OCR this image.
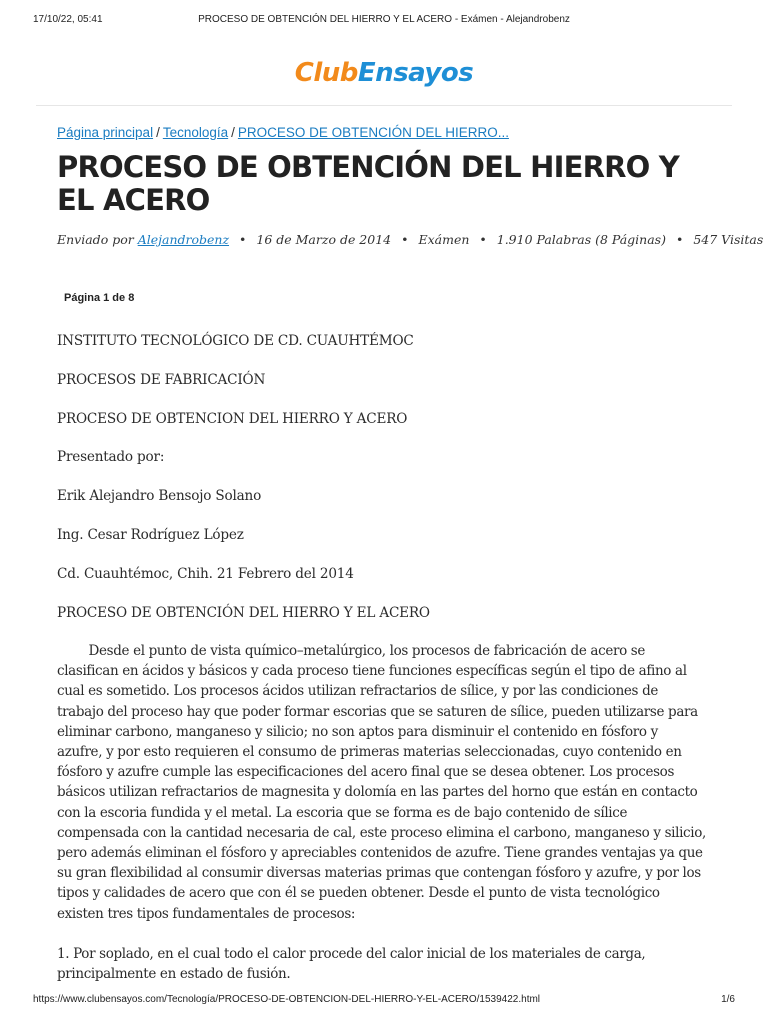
17/10/22, 05:41	PROCESO DE OBTENCIÓN DEL HIERRO Y EL ACERO - Exámen - Alejandrobenz
ClubEnsayos
Página principal / Tecnología / PROCESO DE OBTENCIÓN DEL HIERRO...
PROCESO DE OBTENCIÓN DEL HIERRO Y EL ACERO
Enviado por Alejandrobenz • 16 de Marzo de 2014 • Exámen • 1.910 Palabras (8 Páginas) • 547 Visitas
Página 1 de 8
INSTITUTO TECNOLÓGICO DE CD. CUAUHTÉMOC
PROCESOS DE FABRICACIÓN
PROCESO DE OBTENCION DEL HIERRO Y ACERO
Presentado por:
Erik Alejandro Bensojo Solano
Ing. Cesar Rodríguez López
Cd. Cuauhtémoc, Chih. 21 Febrero del 2014
PROCESO DE OBTENCIÓN DEL HIERRO Y EL ACERO
Desde el punto de vista químico–metalúrgico, los procesos de fabricación de acero se
clasifican en ácidos y básicos y cada proceso tiene funciones específicas según el tipo de afino al
cual es sometido. Los procesos ácidos utilizan refractarios de sílice, y por las condiciones de
trabajo del proceso hay que poder formar escorias que se saturen de sílice, pueden utilizarse para
eliminar carbono, manganeso y silicio; no son aptos para disminuir el contenido en fósforo y
azufre, y por esto requieren el consumo de primeras materias seleccionadas, cuyo contenido en
fósforo y azufre cumple las especificaciones del acero final que se desea obtener. Los procesos
básicos utilizan refractarios de magnesita y dolomía en las partes del horno que están en contacto
con la escoria fundida y el metal. La escoria que se forma es de bajo contenido de sílice
compensada con la cantidad necesaria de cal, este proceso elimina el carbono, manganeso y silicio,
pero además eliminan el fósforo y apreciables contenidos de azufre. Tiene grandes ventajas ya que
su gran flexibilidad al consumir diversas materias primas que contengan fósforo y azufre, y por los
tipos y calidades de acero que con él se pueden obtener. Desde el punto de vista tecnológico
existen tres tipos fundamentales de procesos:
1. Por soplado, en el cual todo el calor procede del calor inicial de los materiales de carga,
principalmente en estado de fusión.
https://www.clubensayos.com/Tecnología/PROCESO-DE-OBTENCION-DEL-HIERRO-Y-EL-ACERO/1539422.html	1/6
